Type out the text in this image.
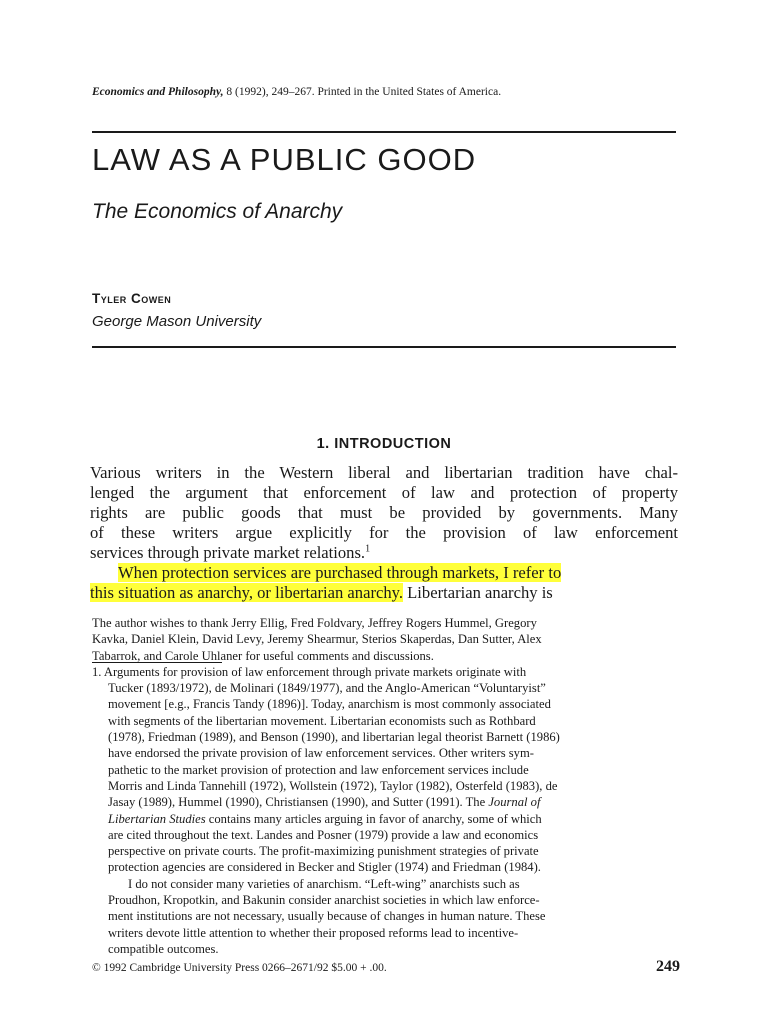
Economics and Philosophy, 8 (1992), 249–267. Printed in the United States of America.
LAW AS A PUBLIC GOOD
The Economics of Anarchy
Tyler Cowen
George Mason University
1. INTRODUCTION
Various writers in the Western liberal and libertarian tradition have chal-
lenged the argument that enforcement of law and protection of property
rights are public goods that must be provided by governments. Many
of these writers argue explicitly for the provision of law enforcement
services through private market relations.$^1$
When protection services are purchased through markets, I refer to
this situation as anarchy, or libertarian anarchy. Libertarian anarchy is
The author wishes to thank Jerry Ellig, Fred Foldvary, Jeffrey Rogers Hummel, Gregory
Kavka, Daniel Klein, David Levy, Jeremy Shearmur, Sterios Skaperdas, Dan Sutter, Alex
Tabarrok, and Carole Uhlaner for useful comments and discussions.
1. Arguments for provision of law enforcement through private markets originate with
Tucker (1893/1972), de Molinari (1849/1977), and the Anglo-American “Voluntaryist”
movement [e.g., Francis Tandy (1896)]. Today, anarchism is most commonly associated
with segments of the libertarian movement. Libertarian economists such as Rothbard
(1978), Friedman (1989), and Benson (1990), and libertarian legal theorist Barnett (1986)
have endorsed the private provision of law enforcement services. Other writers sym-
pathetic to the market provision of protection and law enforcement services include
Morris and Linda Tannehill (1972), Wollstein (1972), Taylor (1982), Osterfeld (1983), de
Jasay (1989), Hummel (1990), Christiansen (1990), and Sutter (1991). The Journal of
Libertarian Studies contains many articles arguing in favor of anarchy, some of which
are cited throughout the text. Landes and Posner (1979) provide a law and economics
perspective on private courts. The profit-maximizing punishment strategies of private
protection agencies are considered in Becker and Stigler (1974) and Friedman (1984).
I do not consider many varieties of anarchism. “Left-wing” anarchists such as
Proudhon, Kropotkin, and Bakunin consider anarchist societies in which law enforce-
ment institutions are not necessary, usually because of changes in human nature. These
writers devote little attention to whether their proposed reforms lead to incentive-
compatible outcomes.
© 1992 Cambridge University Press 0266–2671/92 $5.00 + .00.	249
